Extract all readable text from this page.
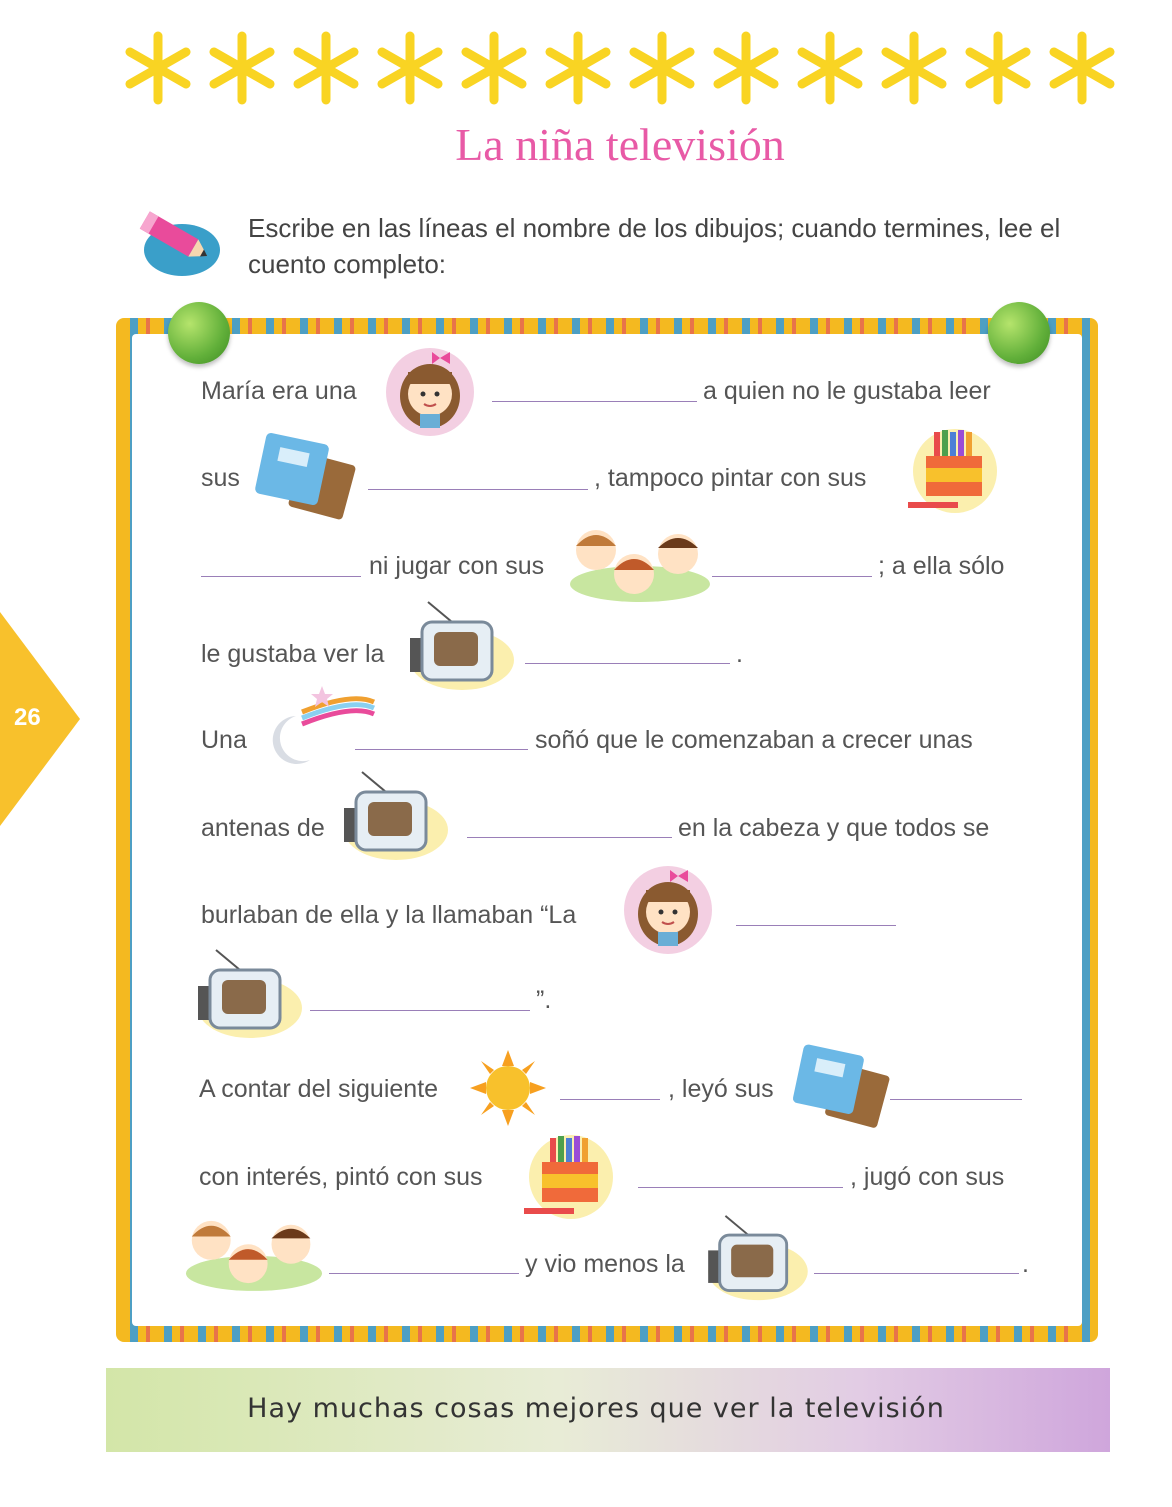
La niña televisión
Escribe en las líneas el nombre de los dibujos; cuando termines, lee el cuento completo:
26
María era una	a quien no le gustaba leer
sus	, tampoco pintar con sus
ni jugar con sus	; a ella sólo
le gustaba ver la	.
Una	soñó que le comenzaban a crecer unas
antenas de	en la cabeza y que todos se
burlaban de ella y la llamaban “La
”.
A contar del siguiente	, leyó sus
con interés, pintó con sus	, jugó con sus
y vio menos la	.
Hay muchas cosas mejores que ver la televisión
